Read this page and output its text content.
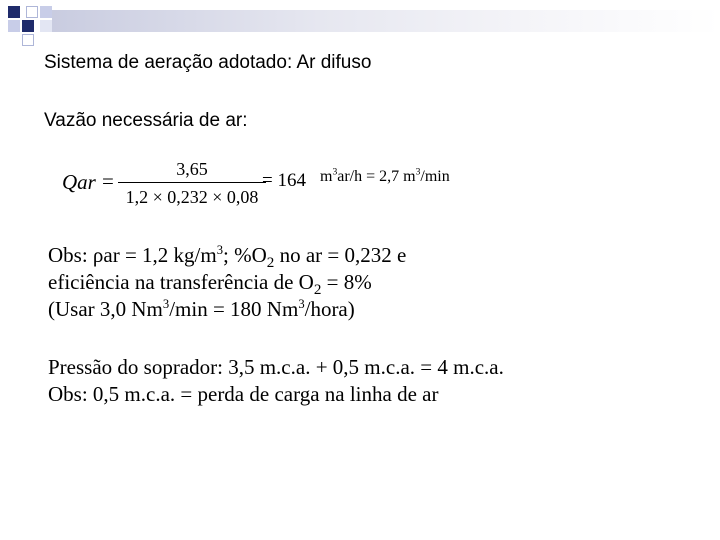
Sistema de aeração adotado: Ar difuso
Vazão necessária de ar:
Qar =	3,65
1,2 × 0,232 × 0,08
= 164 $m^3ar/h = 2,7$ $m^3/\min$
Obs: ρar = 1,2 $kg/m^3$; $\%O_2$ no ar = 0,232 e
eficiência na transferência de $O_2 = 8\%$
(Usar 3,0 $Nm^3/\min = 180$ Nm$^3$/hora)
Pressão do soprador: 3,5 m.c.a. + 0,5 m.c.a. = 4 m.c.a.
Obs: 0,5 m.c.a. = perda de carga na linha de ar
